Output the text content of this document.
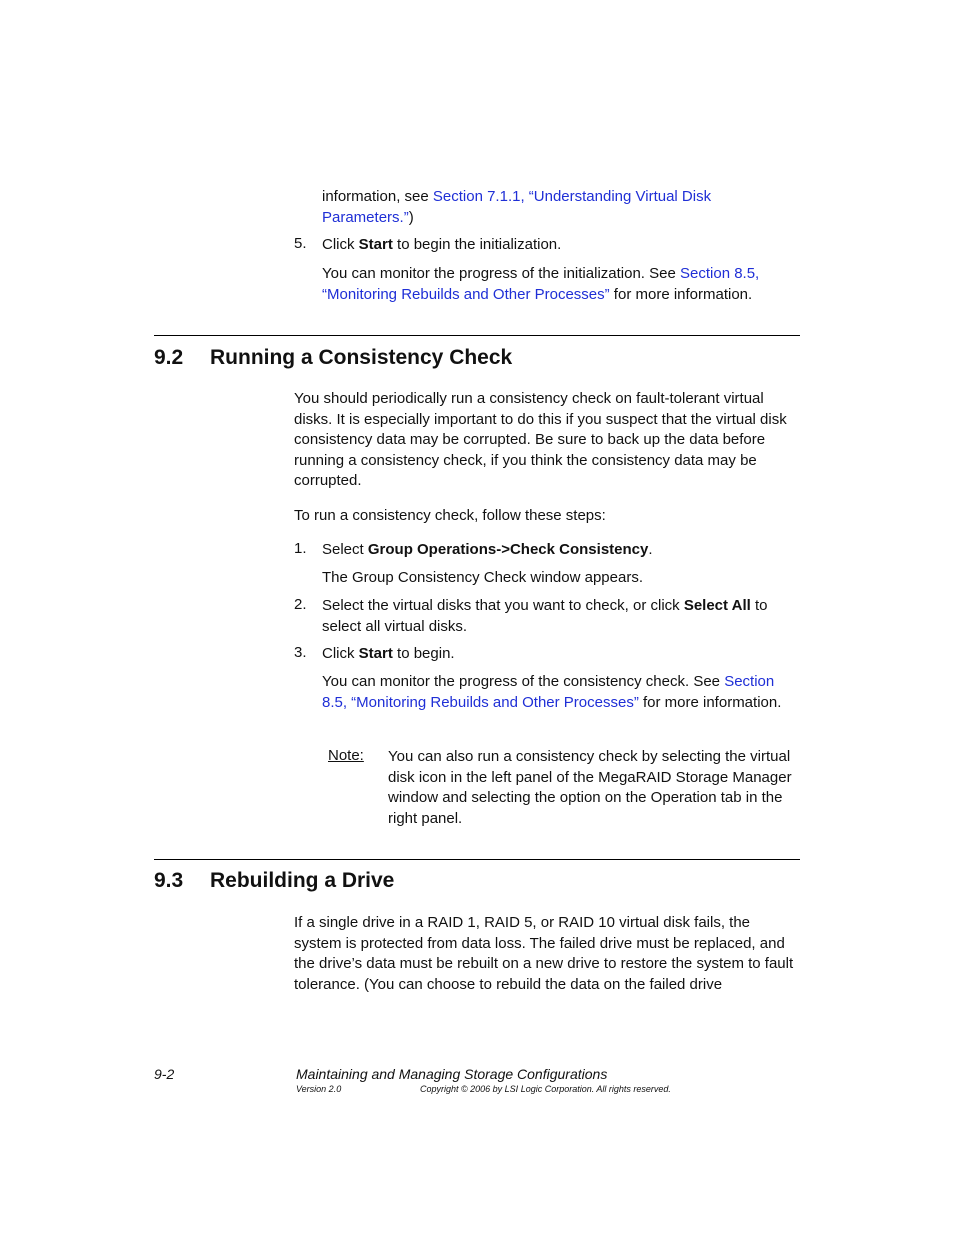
information, see Section 7.1.1, “Understanding Virtual Disk Parameters.”)
5. Click Start to begin the initialization.
You can monitor the progress of the initialization. See Section 8.5, “Monitoring Rebuilds and Other Processes” for more information.
9.2 Running a Consistency Check
You should periodically run a consistency check on fault-tolerant virtual disks. It is especially important to do this if you suspect that the virtual disk consistency data may be corrupted. Be sure to back up the data before running a consistency check, if you think the consistency data may be corrupted.
To run a consistency check, follow these steps:
1. Select Group Operations->Check Consistency.
The Group Consistency Check window appears.
2. Select the virtual disks that you want to check, or click Select All to select all virtual disks.
3. Click Start to begin.
You can monitor the progress of the consistency check. See Section 8.5, “Monitoring Rebuilds and Other Processes” for more information.
Note: You can also run a consistency check by selecting the virtual disk icon in the left panel of the MegaRAID Storage Manager window and selecting the option on the Operation tab in the right panel.
9.3 Rebuilding a Drive
If a single drive in a RAID 1, RAID 5, or RAID 10 virtual disk fails, the system is protected from data loss. The failed drive must be replaced, and the drive’s data must be rebuilt on a new drive to restore the system to fault tolerance. (You can choose to rebuild the data on the failed drive
9-2	Maintaining and Managing Storage Configurations
Version 2.0	Copyright © 2006 by LSI Logic Corporation. All rights reserved.
